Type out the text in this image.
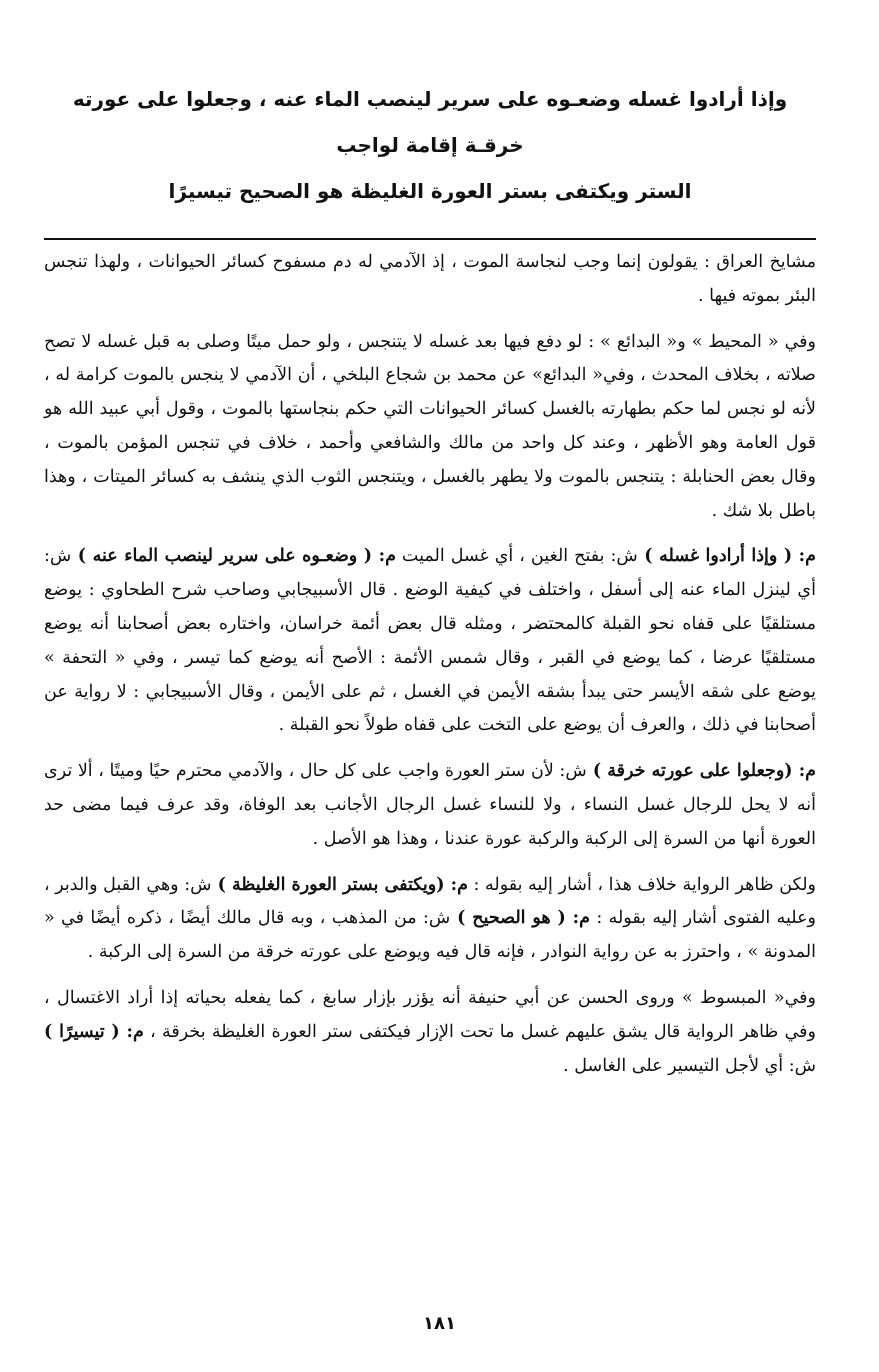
وإذا أرادوا غسله وضعـوه على سرير لينصب الماء عنه ، وجعلوا على عورته خرقـة إقامة لواجب
الستر ويكتفى بستر العورة الغليظة هو الصحيح تيسيرًا

مشايخ العراق : يقولون إنما وجب لنجاسة الموت ، إذ الآدمي له دم مسفوح كسائر الحيوانات ، ولهذا تنجس البئر بموته فيها .

وفي « المحيط » و« البدائع » : لو دفع فيها بعد غسله لا يتنجس ، ولو حمل ميتًا وصلى به قبل غسله لا تصح صلاته ، بخلاف المحدث ، وفي« البدائع» عن محمد بن شجاع البلخي ، أن الآدمي لا ينجس بالموت كرامة له ، لأنه لو نجس لما حكم بطهارته بالغسل كسائر الحيوانات التي حكم بنجاستها بالموت ، وقول أبي عبيد الله هو قول العامة وهو الأظهر ، وعند كل واحد من مالك والشافعي وأحمد ، خلاف في تنجس المؤمن بالموت ، وقال بعض الحنابلة : يتنجس بالموت ولا يطهر بالغسل ، ويتنجس الثوب الذي ينشف به كسائر الميتات ، وهذا باطل بلا شك .

م: ( وإذا أرادوا غسله ) ش: بفتح الغين ، أي غسل الميت م: ( وضعـوه على سرير لينصب الماء عنه ) ش: أي لينزل الماء عنه إلى أسفل ، واختلف في كيفية الوضع . قال الأسبيجابي وصاحب شرح الطحاوي : يوضع مستلقيًا على قفاه نحو القبلة كالمحتضر ، ومثله قال بعض أئمة خراسان، واختاره بعض أصحابنا أنه يوضع مستلقيًا عرضا ، كما يوضع في القبر ، وقال شمس الأئمة : الأصح أنه يوضع كما تيسر ، وفي « التحفة » يوضع على شقه الأيسر حتى يبدأ بشقه الأيمن في الغسل ، ثم على الأيمن ، وقال الأسبيجابي : لا رواية عن أصحابنا في ذلك ، والعرف أن يوضع على التخت على قفاه طولاً نحو القبلة .

م: (وجعلوا على عورته خرقة ) ش: لأن ستر العورة واجب على كل حال ، والآدمي محترم حيًا وميتًا ، ألا ترى أنه لا يحل للرجال غسل النساء ، ولا للنساء غسل الرجال الأجانب بعد الوفاة، وقد عرف فيما مضى حد العورة أنها من السرة إلى الركبة والركبة عورة عندنا ، وهذا هو الأصل .

ولكن ظاهر الرواية خلاف هذا ، أشار إليه بقوله : م: (ويكتفى بستر العورة الغليظة ) ش: وهي القبل والدبر ، وعليه الفتوى أشار إليه بقوله : م: ( هو الصحيح ) ش: من المذهب ، وبه قال مالك أيضًا ، ذكره أيضًا في « المدونة » ، واحترز به عن رواية النوادر ، فإنه قال فيه ويوضع على عورته خرقة من السرة إلى الركبة .

وفي« المبسوط » وروى الحسن عن أبي حنيفة أنه يؤزر بإزار سابغ ، كما يفعله بحياته إذا أراد الاغتسال ، وفي ظاهر الرواية قال يشق عليهم غسل ما تحت الإزار فيكتفى ستر العورة الغليظة بخرقة ، م: ( تيسيرًا ) ش: أي لأجل التيسير على الغاسل .

١٨١
